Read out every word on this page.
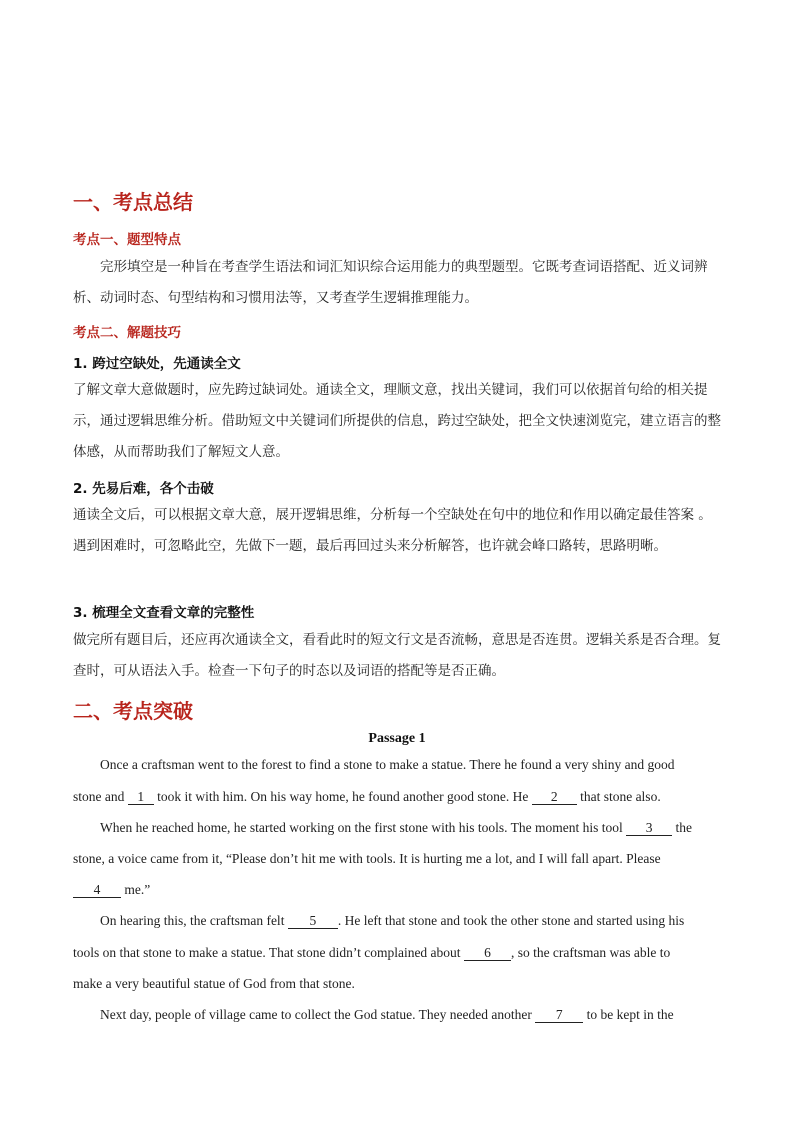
一、考点总结
考点一、题型特点
完形填空是一种旨在考查学生语法和词汇知识综合运用能力的典型题型。它既考查词语搭配、近义词辨析、动词时态、句型结构和习惯用法等，又考查学生逻辑推理能力。
考点二、解题技巧
1. 跨过空缺处，先通读全文
了解文章大意做题时，应先跨过缺词处。通读全文，理顺文意，找出关键词，我们可以依据首句给的相关提示，通过逻辑思维分析。借助短文中关键词们所提供的信息，跨过空缺处，把全文快速浏览完，建立语言的整体感，从而帮助我们了解短文人意。
2. 先易后难，各个击破
通读全文后，可以根据文章大意，展开逻辑思维，分析每一个空缺处在句中的地位和作用以确定最佳答案 。遇到困难时，可忽略此空，先做下一题，最后再回过头来分析解答，也许就会峰口路转，思路明晰。
3. 梳理全文查看文章的完整性
做完所有题目后，还应再次通读全文，看看此时的短文行文是否流畅，意思是否连贯。逻辑关系是否合理。复查时，可从语法入手。检查一下句子的时态以及词语的搭配等是否正确。
二、考点突破
Passage 1
Once a craftsman went to the forest to find a stone to make a statue. There he found a very shiny and good
stone and 1 took it with him. On his way home, he found another good stone. He 2 that stone also.
When he reached home, he started working on the first stone with his tools. The moment his tool 3 the
stone, a voice came from it, “Please don’t hit me with tools. It is hurting me a lot, and I will fall apart. Please
4 me.”
On hearing this, the craftsman felt 5 . He left that stone and took the other stone and started using his
tools on that stone to make a statue. That stone didn’t complained about 6 , so the craftsman was able to
make a very beautiful statue of God from that stone.
Next day, people of village came to collect the God statue. They needed another 7 to be kept in the
